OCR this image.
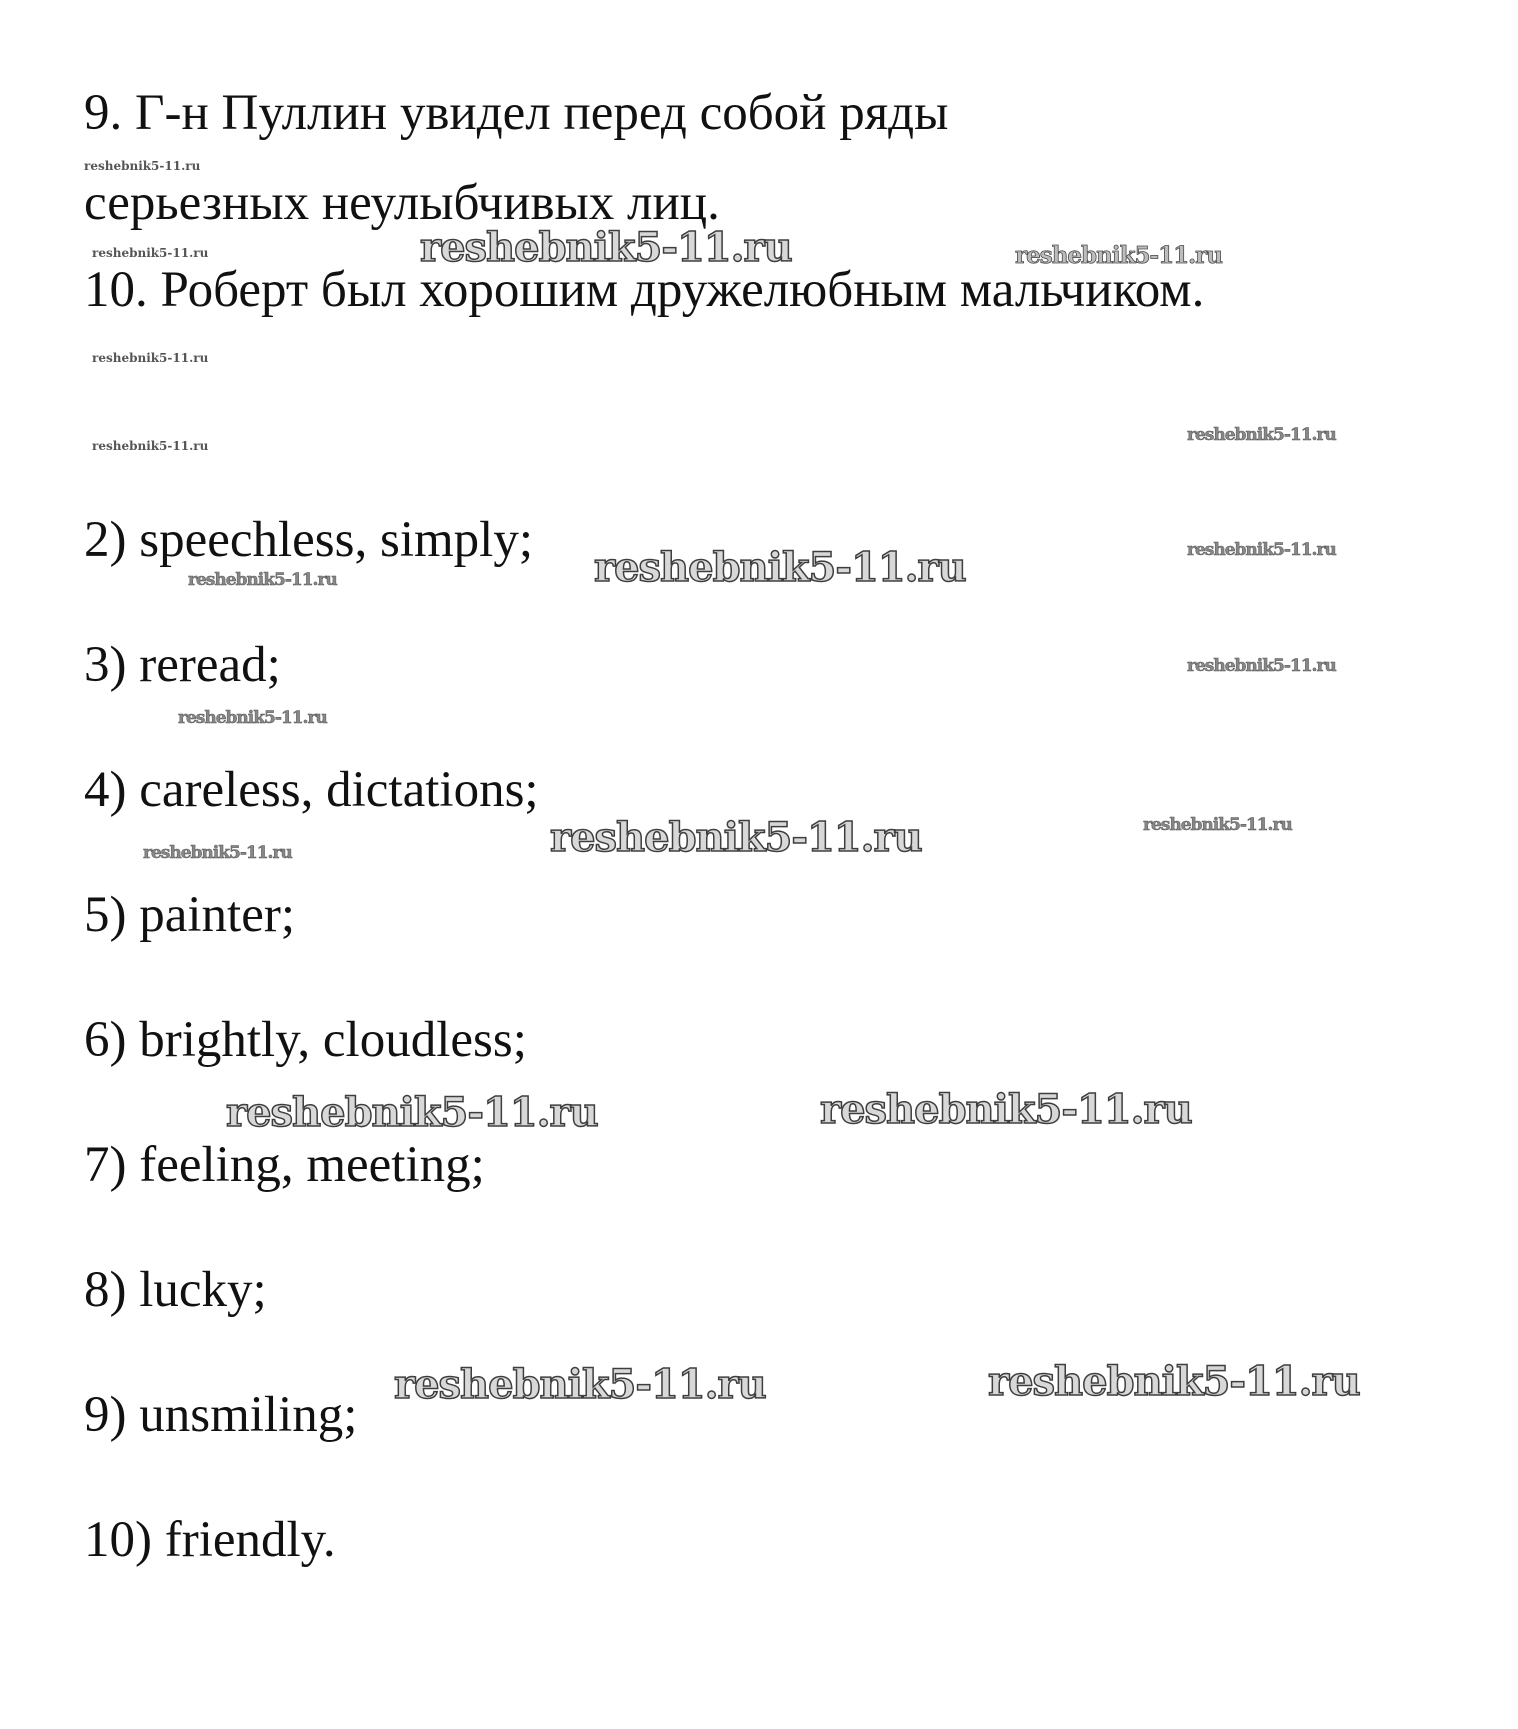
9. Г-н Пуллин увидел перед собой ряды
серьезных неулыбчивых лиц.
10. Роберт был хорошим дружелюбным мальчиком.
2) speechless, simply;
3) reread;
4) careless, dictations;
5) painter;
6) brightly, cloudless;
7) feeling, meeting;
8) lucky;
9) unsmiling;
10) friendly.
reshebnik5-11.ru
reshebnik5-11.ru	reshebnik5-11.ru	reshebnik5-11.ru
reshebnik5-11.ru
reshebnik5-11.ru
reshebnik5-11.ru
reshebnik5-11.ru
reshebnik5-11.ru
reshebnik5-11.ru
reshebnik5-11.ru
reshebnik5-11.ru
reshebnik5-11.ru	reshebnik5-11.ru
reshebnik5-11.ru
reshebnik5-11.ru	reshebnik5-11.ru
reshebnik5-11.ru	reshebnik5-11.ru
